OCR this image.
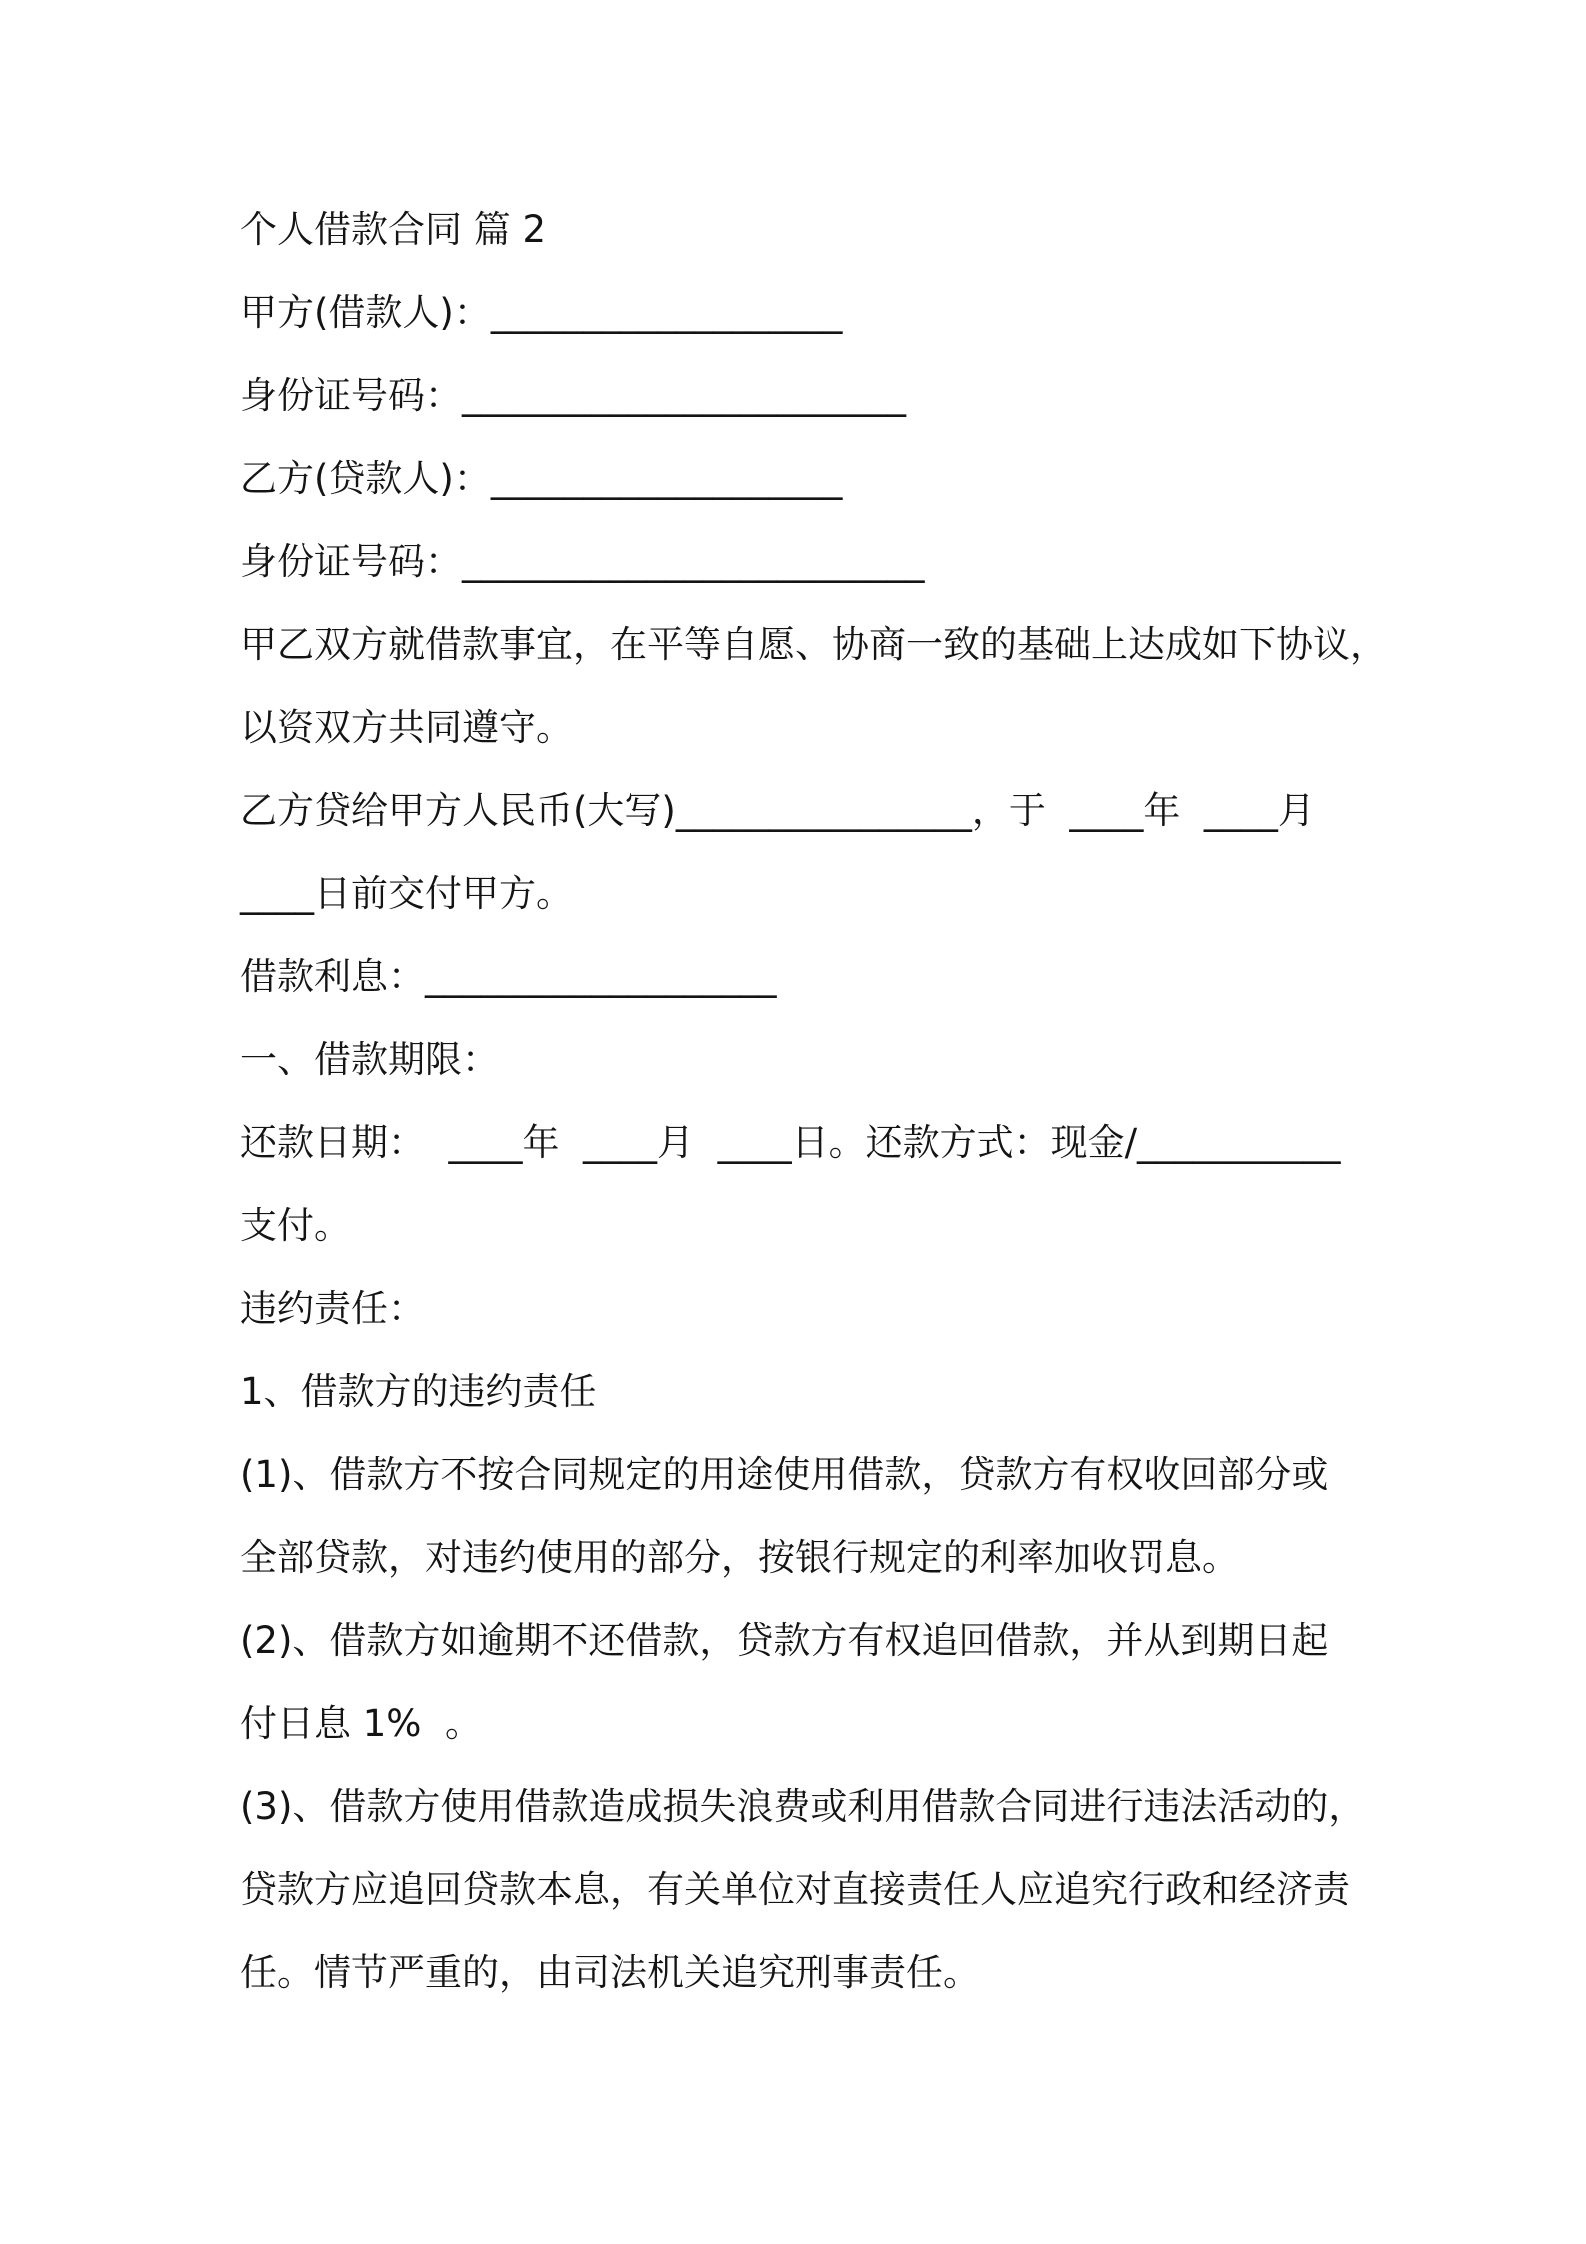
个人借款合同 篇 2

甲方(借款人)：___________________

身份证号码：________________________

乙方(贷款人)：___________________

身份证号码：_________________________

甲乙双方就借款事宜，在平等自愿、协商一致的基础上达成如下协议，

以资双方共同遵守。

乙方贷给甲方人民币(大写)________________，于  ____年  ____月

____日前交付甲方。

借款利息：___________________

一、借款期限：

还款日期：  ____年  ____月  ____日。还款方式：现金/___________

支付。

违约责任：

1、借款方的违约责任

(1)、借款方不按合同规定的用途使用借款，贷款方有权收回部分或

全部贷款，对违约使用的部分，按银行规定的利率加收罚息。

(2)、借款方如逾期不还借款，贷款方有权追回借款，并从到期日起

付日息 1%  。

(3)、借款方使用借款造成损失浪费或利用借款合同进行违法活动的，

贷款方应追回贷款本息，有关单位对直接责任人应追究行政和经济责

任。情节严重的，由司法机关追究刑事责任。
